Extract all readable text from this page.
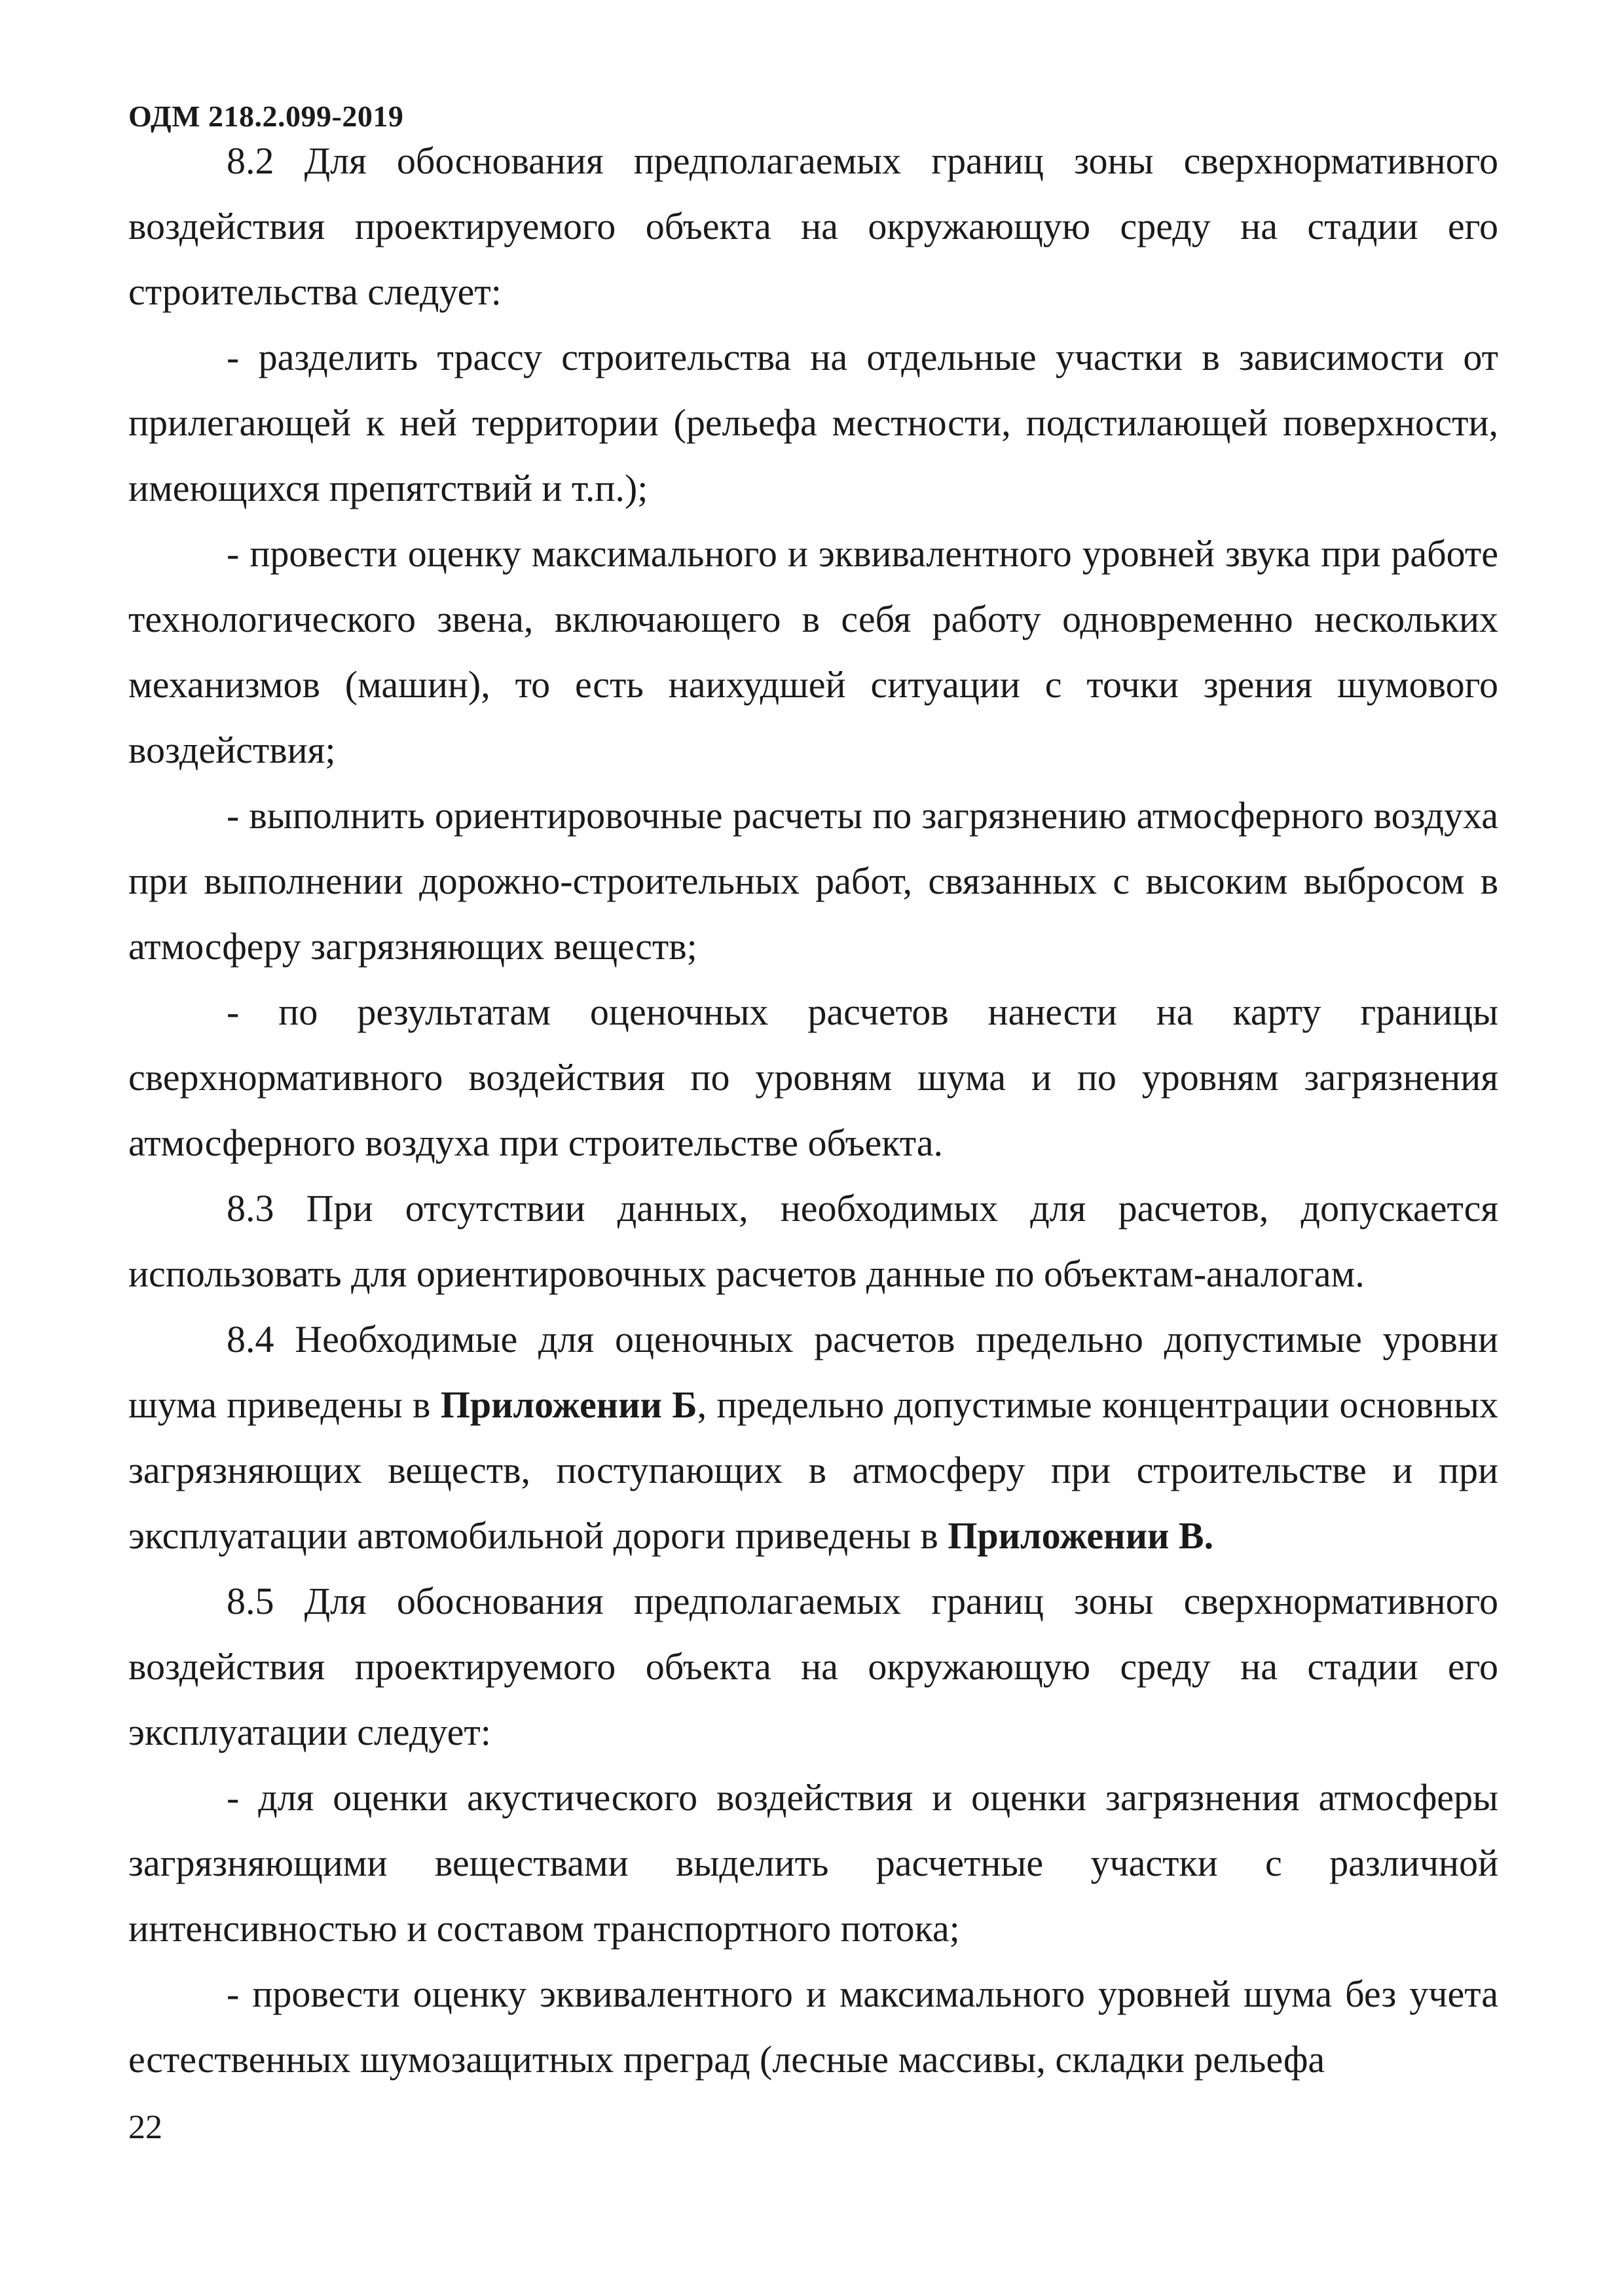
ОДМ 218.2.099-2019

8.2 Для обоснования предполагаемых границ зоны сверхнормативного воздействия проектируемого объекта на окружающую среду на стадии его строительства следует:

- разделить трассу строительства на отдельные участки в зависимости от прилегающей к ней территории (рельефа местности, подстилающей поверхности, имеющихся препятствий и т.п.);

- провести оценку максимального и эквивалентного уровней звука при работе технологического звена, включающего в себя работу одновременно нескольких механизмов (машин), то есть наихудшей ситуации с точки зрения шумового воздействия;

- выполнить ориентировочные расчеты по загрязнению атмосферного воздуха при выполнении дорожно-строительных работ, связанных с высоким выбросом в атмосферу загрязняющих веществ;

- по результатам оценочных расчетов нанести на карту границы сверхнормативного воздействия по уровням шума и по уровням загрязнения атмосферного воздуха при строительстве объекта.

8.3 При отсутствии данных, необходимых для расчетов, допускается использовать для ориентировочных расчетов данные по объектам-аналогам.

8.4 Необходимые для оценочных расчетов предельно допустимые уровни шума приведены в Приложении Б, предельно допустимые концентрации основных загрязняющих веществ, поступающих в атмосферу при строительстве и при эксплуатации автомобильной дороги приведены в Приложении В.

8.5 Для обоснования предполагаемых границ зоны сверхнормативного воздействия проектируемого объекта на окружающую среду на стадии его эксплуатации следует:

- для оценки акустического воздействия и оценки загрязнения атмосферы загрязняющими веществами выделить расчетные участки с различной интенсивностью и составом транспортного потока;

- провести оценку эквивалентного и максимального уровней шума без учета естественных шумозащитных преград (лесные массивы, складки рельефа

22
